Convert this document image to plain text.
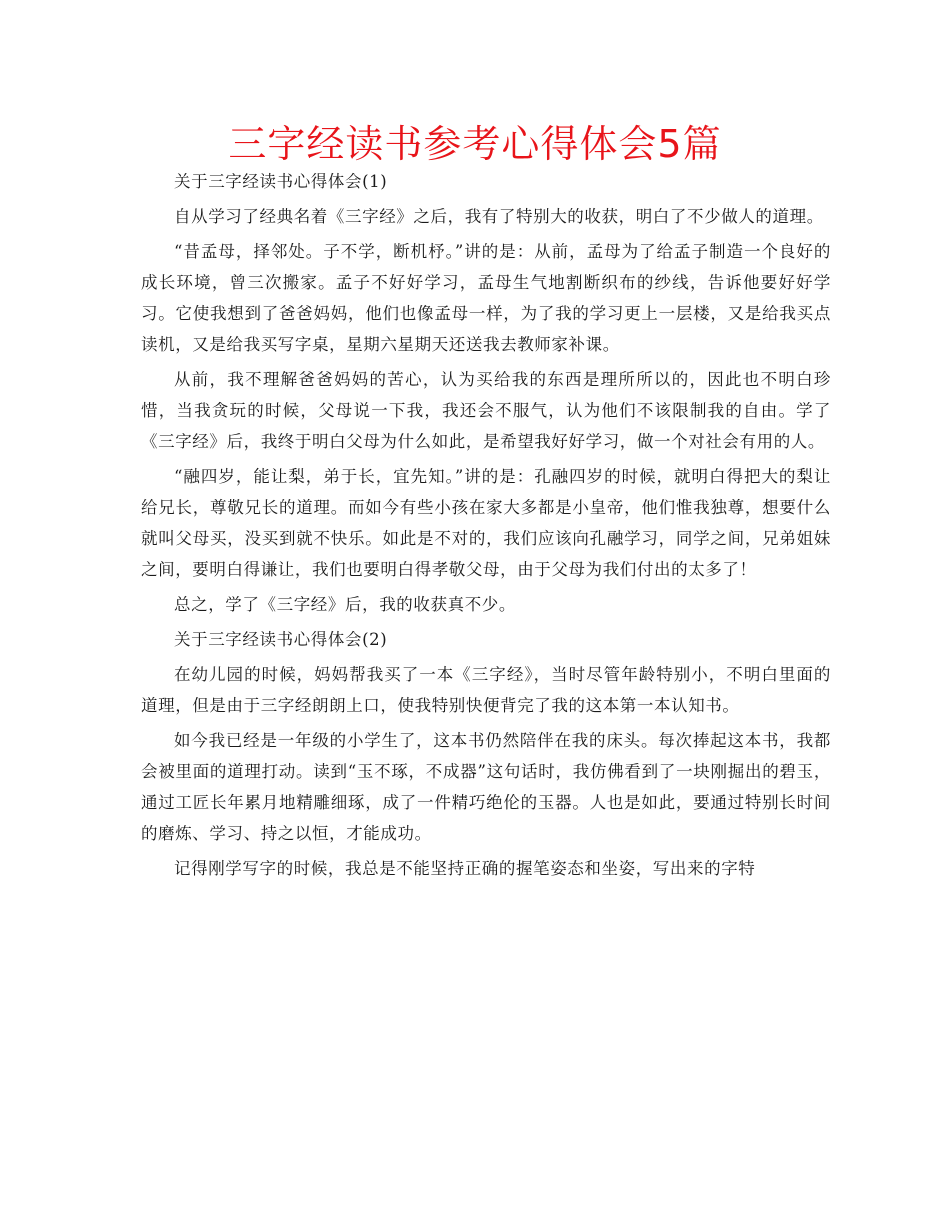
三字经读书参考心得体会5篇

关于三字经读书心得体会(1)

自从学习了经典名着《三字经》之后，我有了特别大的收获，明白了不少做人的道理。

“昔孟母，择邻处。子不学，断机杼。”讲的是：从前，孟母为了给孟子制造一个良好的成长环境，曾三次搬家。孟子不好好学习，孟母生气地割断织布的纱线，告诉他要好好学习。它使我想到了爸爸妈妈，他们也像孟母一样，为了我的学习更上一层楼，又是给我买点读机，又是给我买写字桌，星期六星期天还送我去教师家补课。

从前，我不理解爸爸妈妈的苦心，认为买给我的东西是理所所以的，因此也不明白珍惜，当我贪玩的时候，父母说一下我，我还会不服气，认为他们不该限制我的自由。学了《三字经》后，我终于明白父母为什么如此，是希望我好好学习，做一个对社会有用的人。

“融四岁，能让梨，弟于长，宜先知。”讲的是：孔融四岁的时候，就明白得把大的梨让给兄长，尊敬兄长的道理。而如今有些小孩在家大多都是小皇帝，他们惟我独尊，想要什么就叫父母买，没买到就不快乐。如此是不对的，我们应该向孔融学习，同学之间，兄弟姐妹之间，要明白得谦让，我们也要明白得孝敬父母，由于父母为我们付出的太多了！

总之，学了《三字经》后，我的收获真不少。

关于三字经读书心得体会(2)

在幼儿园的时候，妈妈帮我买了一本《三字经》，当时尽管年龄特别小，不明白里面的道理，但是由于三字经朗朗上口，使我特别快便背完了我的这本第一本认知书。

如今我已经是一年级的小学生了，这本书仍然陪伴在我的床头。每次捧起这本书，我都会被里面的道理打动。读到“玉不琢，不成器”这句话时，我仿佛看到了一块刚掘出的碧玉，通过工匠长年累月地精雕细琢，成了一件精巧绝伦的玉器。人也是如此，要通过特别长时间的磨炼、学习、持之以恒，才能成功。

记得刚学写字的时候，我总是不能坚持正确的握笔姿态和坐姿，写出来的字特
